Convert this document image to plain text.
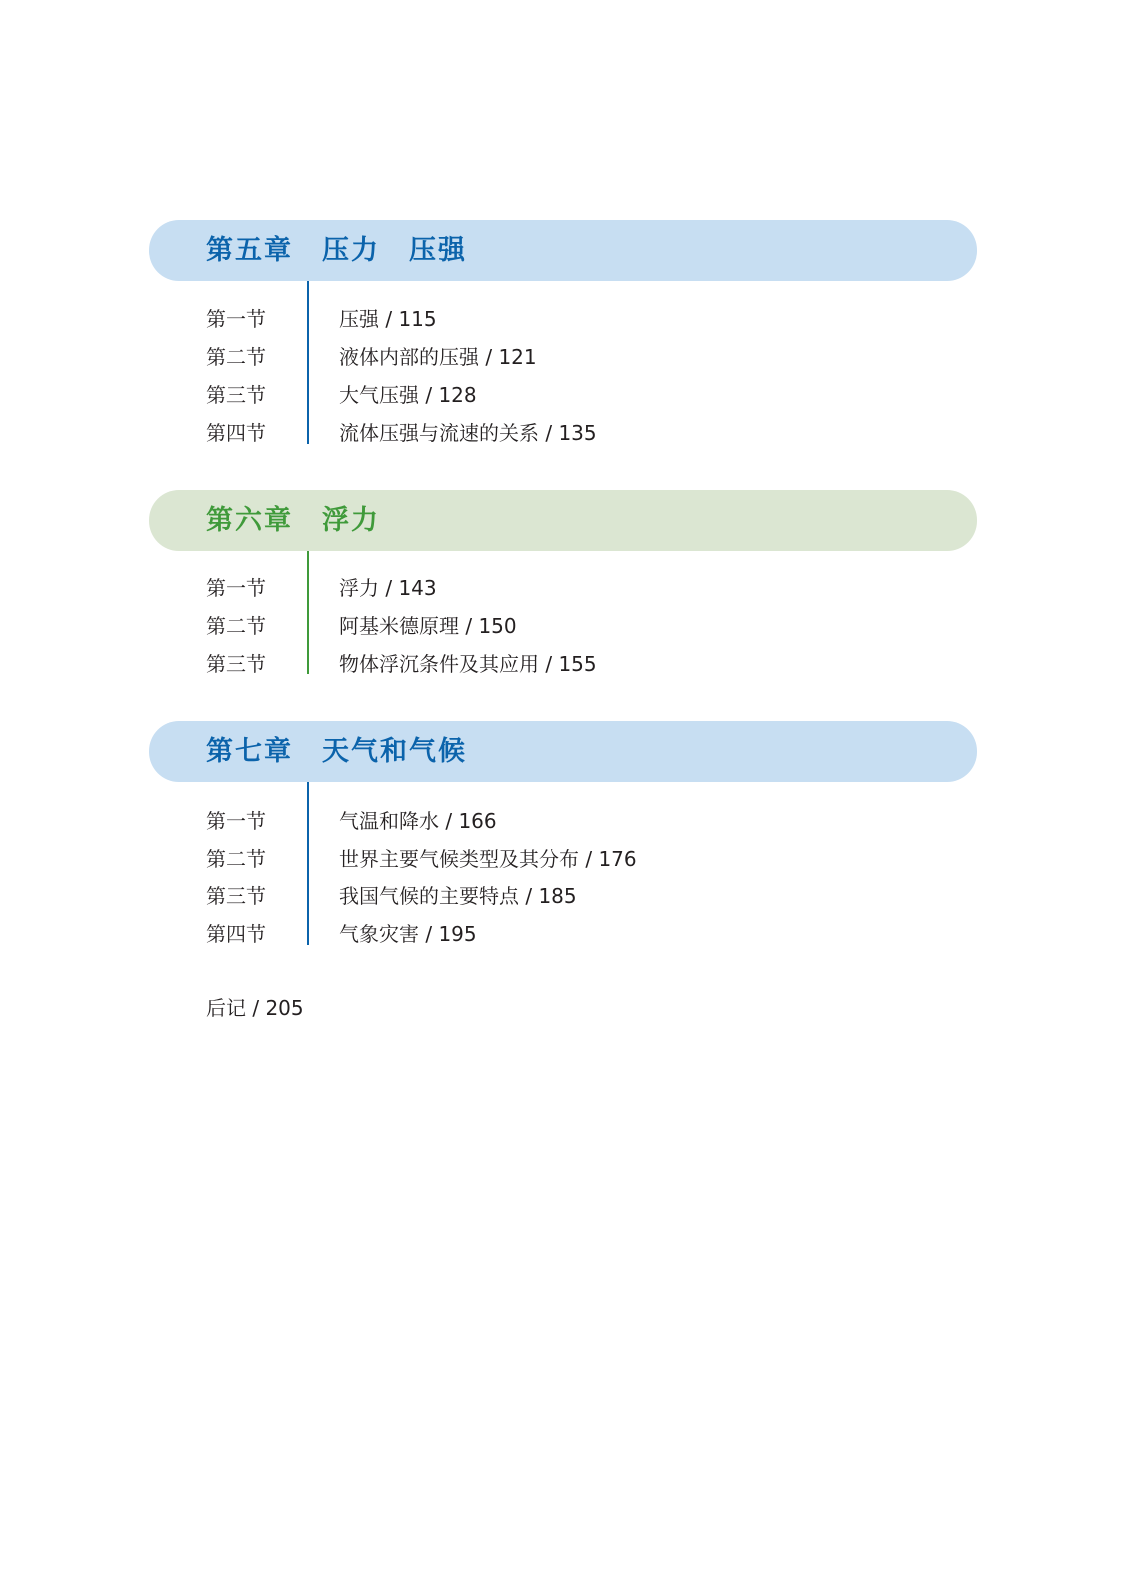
第五章　压力　压强
第一节	压强 / 115
第二节	液体内部的压强 / 121
第三节	大气压强 / 128
第四节	流体压强与流速的关系 / 135
第六章　浮力
第一节	浮力 / 143
第二节	阿基米德原理 / 150
第三节	物体浮沉条件及其应用 / 155
第七章　天气和气候
第一节	气温和降水 / 166
第二节	世界主要气候类型及其分布 / 176
第三节	我国气候的主要特点 / 185
第四节	气象灾害 / 195
后记 / 205
